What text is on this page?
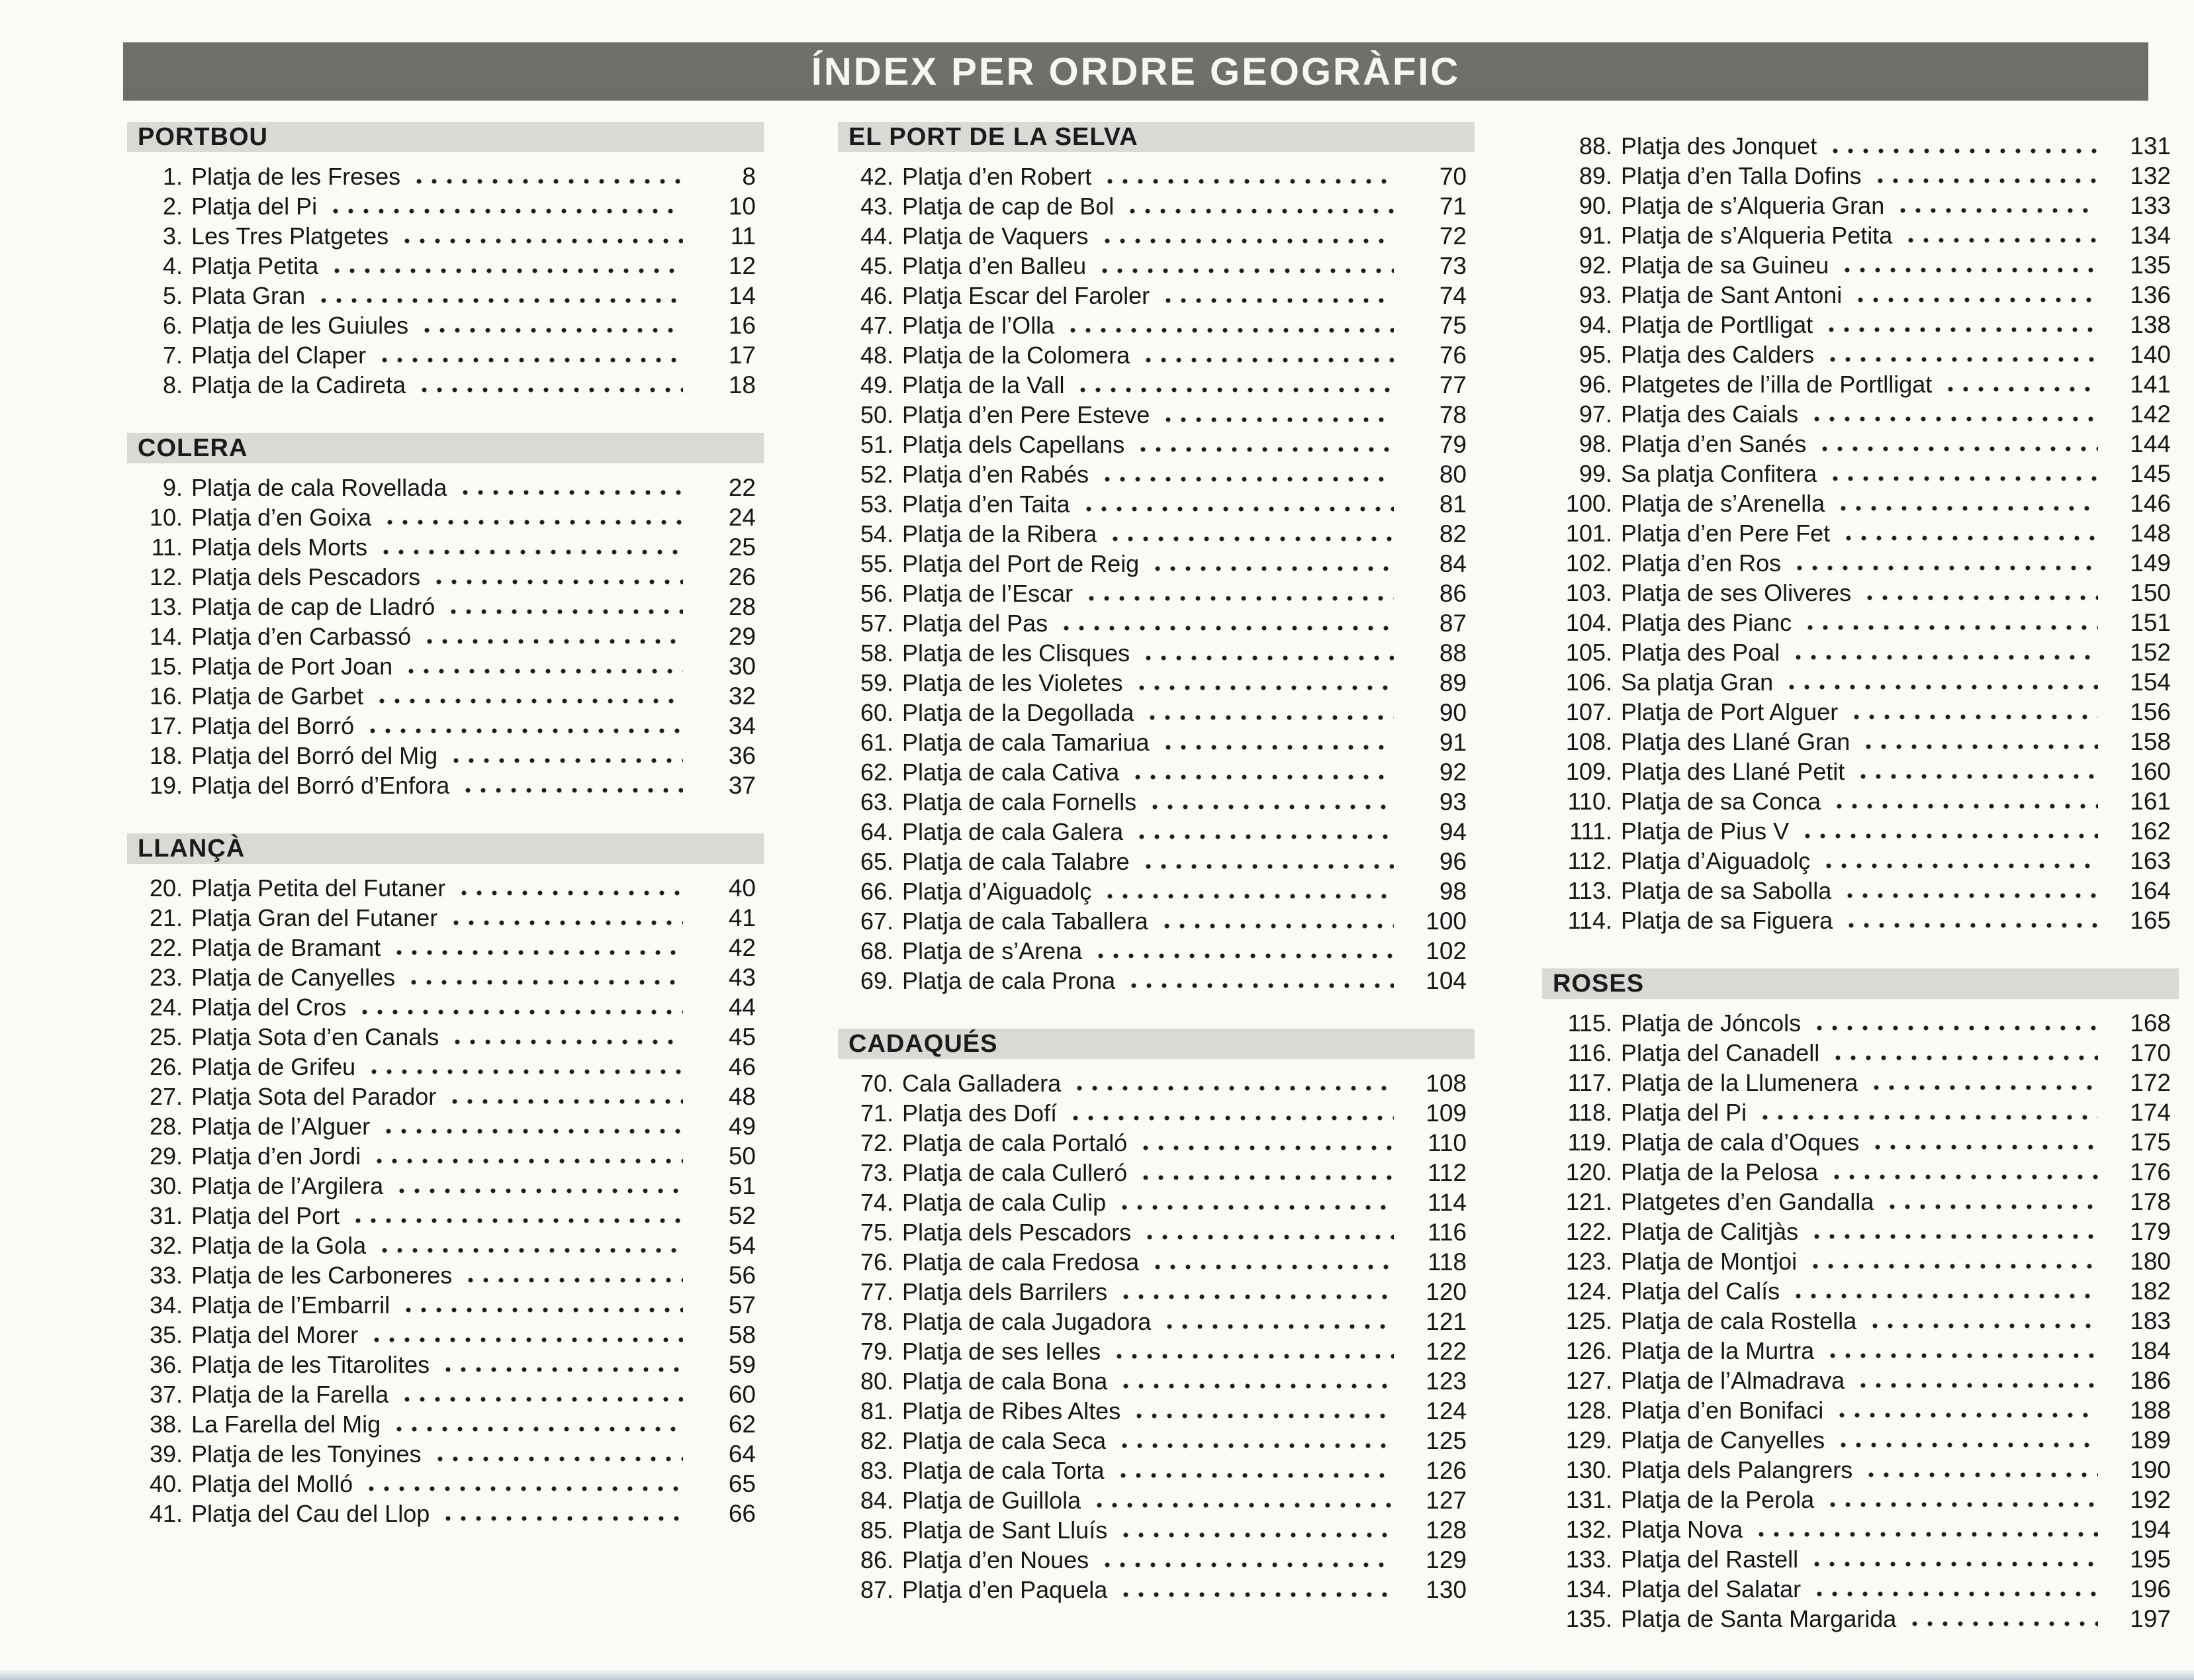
ÍNDEX PER ORDRE GEOGRÀFIC
PORTBOU
1. Platja de les Freses	8
2. Platja del Pi	10
3. Les Tres Platgetes	11
4. Platja Petita	12
5. Plata Gran	14
6. Platja de les Guiules	16
7. Platja del Claper	17
8. Platja de la Cadireta	18
COLERA
9. Platja de cala Rovellada	22
10. Platja d’en Goixa	24
11. Platja dels Morts	25
12. Platja dels Pescadors	26
13. Platja de cap de Lladró	28
14. Platja d’en Carbassó	29
15. Platja de Port Joan	30
16. Platja de Garbet	32
17. Platja del Borró	34
18. Platja del Borró del Mig	36
19. Platja del Borró d’Enfora	37
LLANÇÀ
20. Platja Petita del Futaner	40
21. Platja Gran del Futaner	41
22. Platja de Bramant	42
23. Platja de Canyelles	43
24. Platja del Cros	44
25. Platja Sota d’en Canals	45
26. Platja de Grifeu	46
27. Platja Sota del Parador	48
28. Platja de l’Alguer	49
29. Platja d’en Jordi	50
30. Platja de l’Argilera	51
31. Platja del Port	52
32. Platja de la Gola	54
33. Platja de les Carboneres	56
34. Platja de l’Embarril	57
35. Platja del Morer	58
36. Platja de les Titarolites	59
37. Platja de la Farella	60
38. La Farella del Mig	62
39. Platja de les Tonyines	64
40. Platja del Molló	65
41. Platja del Cau del Llop	66
EL PORT DE LA SELVA
42. Platja d’en Robert	70
43. Platja de cap de Bol	71
44. Platja de Vaquers	72
45. Platja d’en Balleu	73
46. Platja Escar del Faroler	74
47. Platja de l’Olla	75
48. Platja de la Colomera	76
49. Platja de la Vall	77
50. Platja d’en Pere Esteve	78
51. Platja dels Capellans	79
52. Platja d’en Rabés	80
53. Platja d’en Taita	81
54. Platja de la Ribera	82
55. Platja del Port de Reig	84
56. Platja de l’Escar	86
57. Platja del Pas	87
58. Platja de les Clisques	88
59. Platja de les Violetes	89
60. Platja de la Degollada	90
61. Platja de cala Tamariua	91
62. Platja de cala Cativa	92
63. Platja de cala Fornells	93
64. Platja de cala Galera	94
65. Platja de cala Talabre	96
66. Platja d’Aiguadolç	98
67. Platja de cala Taballera	100
68. Platja de s’Arena	102
69. Platja de cala Prona	104
CADAQUÉS
70. Cala Galladera	108
71. Platja des Dofí	109
72. Platja de cala Portaló	110
73. Platja de cala Culleró	112
74. Platja de cala Culip	114
75. Platja dels Pescadors	116
76. Platja de cala Fredosa	118
77. Platja dels Barrilers	120
78. Platja de cala Jugadora	121
79. Platja de ses Ielles	122
80. Platja de cala Bona	123
81. Platja de Ribes Altes	124
82. Platja de cala Seca	125
83. Platja de cala Torta	126
84. Platja de Guillola	127
85. Platja de Sant Lluís	128
86. Platja d’en Noues	129
87. Platja d’en Paquela	130
88. Platja des Jonquet	131
89. Platja d’en Talla Dofins	132
90. Platja de s’Alqueria Gran	133
91. Platja de s’Alqueria Petita	134
92. Platja de sa Guineu	135
93. Platja de Sant Antoni	136
94. Platja de Portlligat	138
95. Platja des Calders	140
96. Platgetes de l’illa de Portlligat	141
97. Platja des Caials	142
98. Platja d’en Sanés	144
99. Sa platja Confitera	145
100. Platja de s’Arenella	146
101. Platja d’en Pere Fet	148
102. Platja d’en Ros	149
103. Platja de ses Oliveres	150
104. Platja des Pianc	151
105. Platja des Poal	152
106. Sa platja Gran	154
107. Platja de Port Alguer	156
108. Platja des Llané Gran	158
109. Platja des Llané Petit	160
110. Platja de sa Conca	161
111. Platja de Pius V	162
112. Platja d’Aiguadolç	163
113. Platja de sa Sabolla	164
114. Platja de sa Figuera	165
ROSES
115. Platja de Jóncols	168
116. Platja del Canadell	170
117. Platja de la Llumenera	172
118. Platja del Pi	174
119. Platja de cala d’Oques	175
120. Platja de la Pelosa	176
121. Platgetes d’en Gandalla	178
122. Platja de Calitjàs	179
123. Platja de Montjoi	180
124. Platja del Calís	182
125. Platja de cala Rostella	183
126. Platja de la Murtra	184
127. Platja de l’Almadrava	186
128. Platja d’en Bonifaci	188
129. Platja de Canyelles	189
130. Platja dels Palangrers	190
131. Platja de la Perola	192
132. Platja Nova	194
133. Platja del Rastell	195
134. Platja del Salatar	196
135. Platja de Santa Margarida	197
